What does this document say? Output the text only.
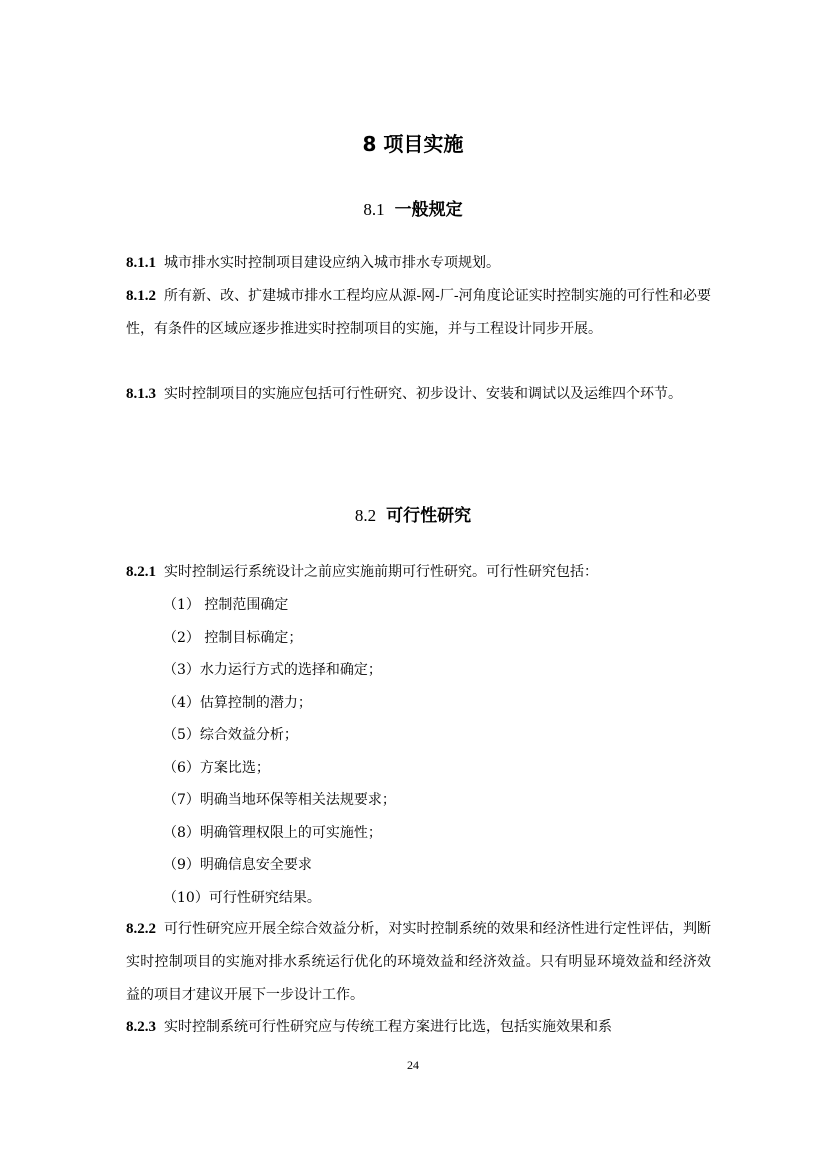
8 项目实施
8.1 一般规定

8.1.1 城市排水实时控制项目建设应纳入城市排水专项规划。

8.1.2 所有新、改、扩建城市排水工程均应从源-网-厂-河角度论证实时控制实施的可行性和必要性，有条件的区域应逐步推进实时控制项目的实施，并与工程设计同步开展。

8.1.3 实时控制项目的实施应包括可行性研究、初步设计、安装和调试以及运维四个环节。

8.2 可行性研究

8.2.1 实时控制运行系统设计之前应实施前期可行性研究。可行性研究包括：

（1） 控制范围确定
（2） 控制目标确定；
（3）水力运行方式的选择和确定；
（4）估算控制的潜力；
（5）综合效益分析；
（6）方案比选；
（7）明确当地环保等相关法规要求；
（8）明确管理权限上的可实施性；
（9）明确信息安全要求
（10）可行性研究结果。

8.2.2 可行性研究应开展全综合效益分析，对实时控制系统的效果和经济性进行定性评估，判断实时控制项目的实施对排水系统运行优化的环境效益和经济效益。只有明显环境效益和经济效益的项目才建议开展下一步设计工作。

8.2.3 实时控制系统可行性研究应与传统工程方案进行比选，包括实施效果和系

24
